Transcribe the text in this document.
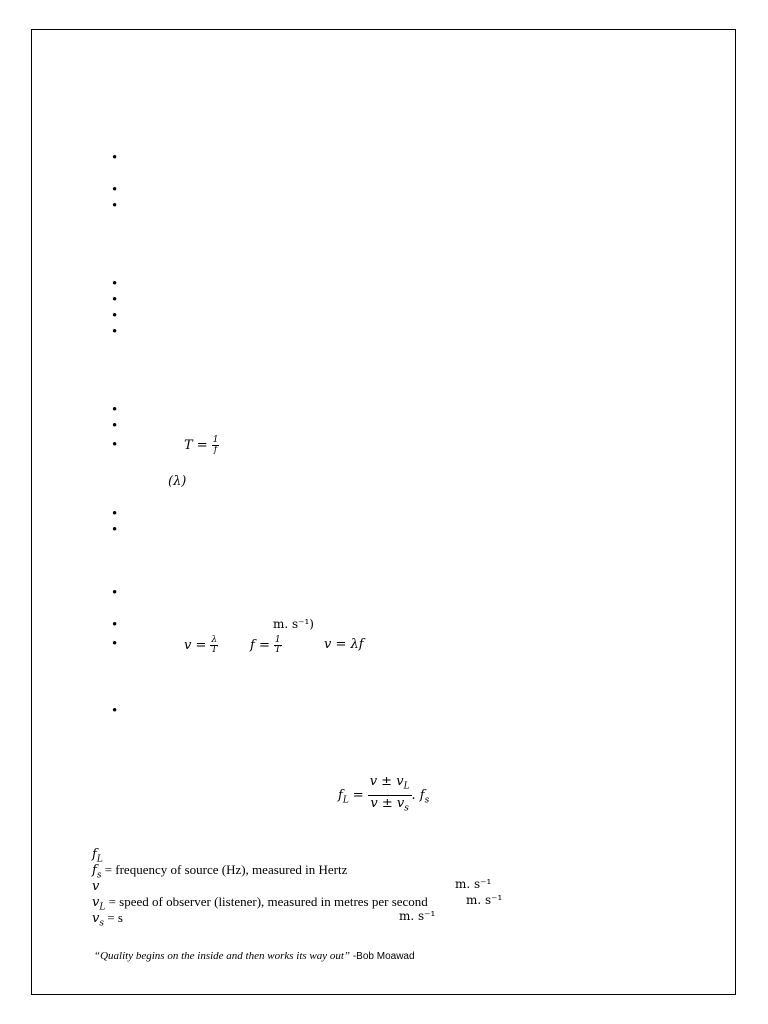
•
•
•
•
•
•
•
•
•
•
•
•
•
•
•
•
$T = \frac{1}{f}$
(λ)
m. s⁻¹)
$v = \frac{\lambda}{T}$ $f = \frac{1}{T}$	v = λf
$f_L = \frac{v \pm v_L}{v \pm v_s}$ . $f_s$
$f_L$
$f_s$ = frequency of source (Hz), measured in Hertz
v	m. s⁻¹
$v_L$ = speed of observer (listener), measured in metres per second	m. s⁻¹
$v_s = s$	m. s⁻¹
“Quality begins on the inside and then works its way out” -Bob Moawad
